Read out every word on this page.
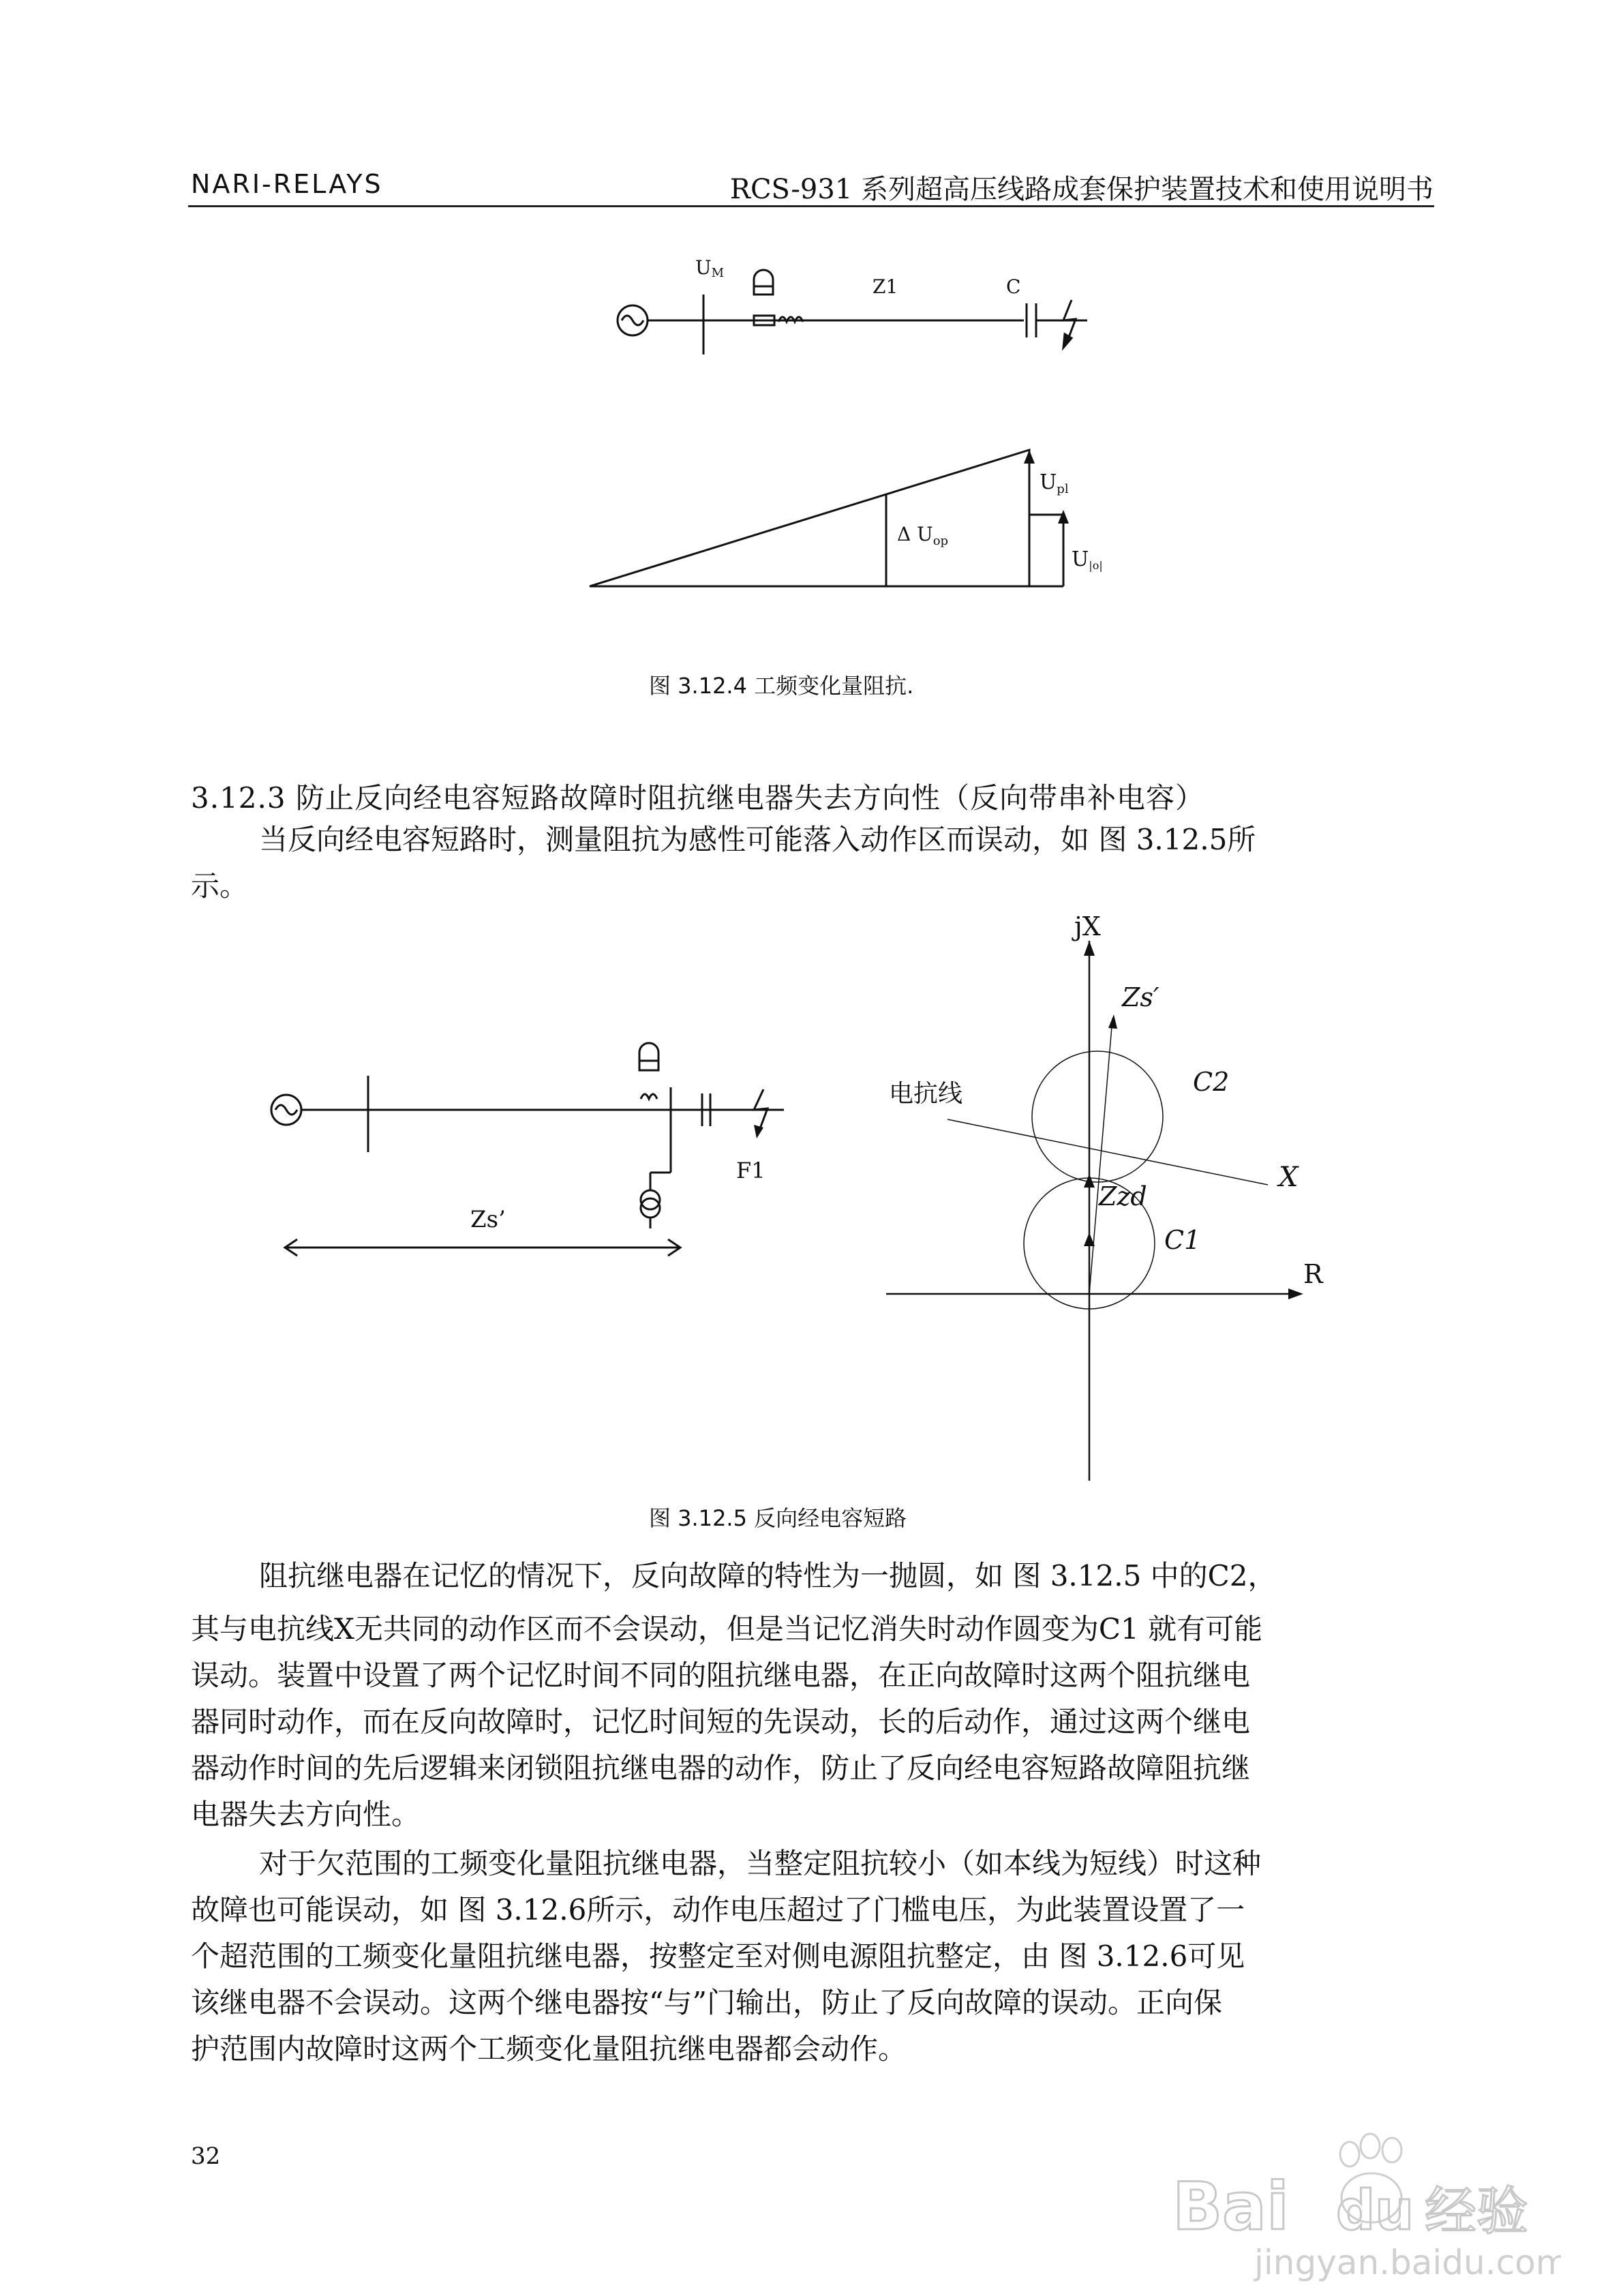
NARI-RELAYS	RCS-931 系列超高压线路成套保护装置技术和使用说明书
UM
Z1	C
$U_{pl}$
Δ $U_{op}$
U|o|
图 3.12.4 工频变化量阻抗.
3.12.3 防止反向经电容短路故障时阻抗继电器失去方向性（反向带串补电容）
当反向经电容短路时，测量阻抗为感性可能落入动作区而误动，如 图 3.12.5所
示。
F1
Zs’
jX
Zs′
C2
电抗线
X
Zzd
C1
R
图 3.12.5 反向经电容短路
阻抗继电器在记忆的情况下，反向故障的特性为一抛圆，如 图 3.12.5 中的C2，
其与电抗线X无共同的动作区而不会误动，但是当记忆消失时动作圆变为C1 就有可能
误动。装置中设置了两个记忆时间不同的阻抗继电器，在正向故障时这两个阻抗继电
器同时动作，而在反向故障时，记忆时间短的先误动，长的后动作，通过这两个继电
器动作时间的先后逻辑来闭锁阻抗继电器的动作，防止了反向经电容短路故障阻抗继
电器失去方向性。
对于欠范围的工频变化量阻抗继电器，当整定阻抗较小（如本线为短线）时这种
故障也可能误动，如 图 3.12.6所示，动作电压超过了门槛电压，为此装置设置了一
个超范围的工频变化量阻抗继电器，按整定至对侧电源阻抗整定，由 图 3.12.6可见
该继电器不会误动。这两个继电器按“与”门输出，防止了反向故障的误动。正向保
护范围内故障时这两个工频变化量阻抗继电器都会动作。
32
Bai du 经验
jingyan.baidu.com
